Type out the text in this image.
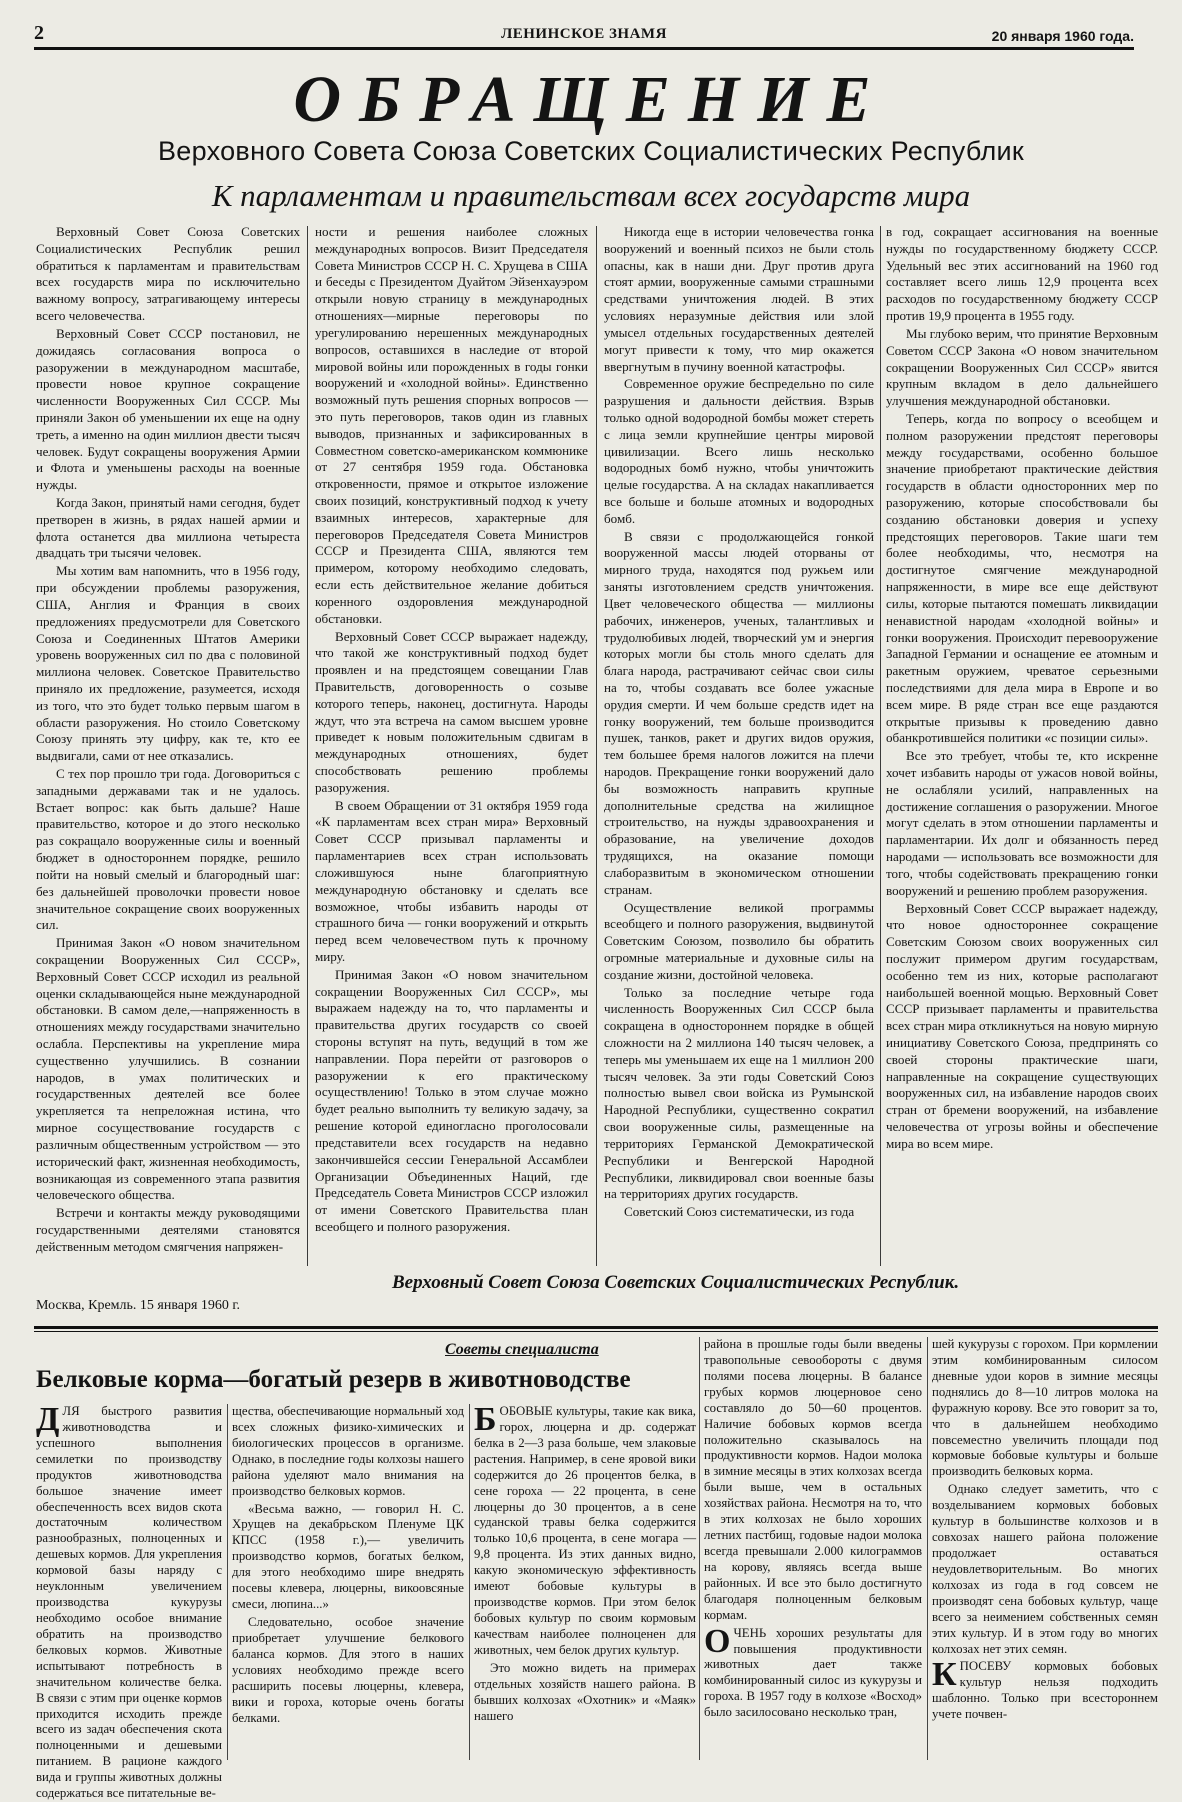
2	ЛЕНИНСКОЕ ЗНАМЯ	20 января 1960 года.
ОБРАЩЕНИЕ
Верховного Совета Союза Советских Социалистических Республик
К парламентам и правительствам всех государств мира

Верховный Совет Союза Советских Социалистических Республик решил обратиться к парламентам и правительствам всех государств мира по исключительно важному вопросу, затрагивающему интересы всего человечества.

Верховный Совет СССР постановил, не дожидаясь согласования вопроса о разоружении в международном масштабе, провести новое крупное сокращение численности Вооруженных Сил СССР. Мы приняли Закон об уменьшении их еще на одну треть, а именно на один миллион двести тысяч человек. Будут сокращены вооружения Армии и Флота и уменьшены расходы на военные нужды.

Когда Закон, принятый нами сегодня, будет претворен в жизнь, в рядах нашей армии и флота останется два миллиона четыреста двадцать три тысячи человек.

Мы хотим вам напомнить, что в 1956 году, при обсуждении проблемы разоружения, США, Англия и Франция в своих предложениях предусмотрели для Советского Союза и Соединенных Штатов Америки уровень вооруженных сил по два с половиной миллиона человек. Советское Правительство приняло их предложение, разумеется, исходя из того, что это будет только первым шагом в области разоружения. Но стоило Советскому Союзу принять эту цифру, как те, кто ее выдвигали, сами от нее отказались.

С тех пор прошло три года. Договориться с западными державами так и не удалось. Встает вопрос: как быть дальше? Наше правительство, которое и до этого несколько раз сокращало вооруженные силы и военный бюджет в одностороннем порядке, решило пойти на новый смелый и благородный шаг: без дальнейшей проволочки провести новое значительное сокращение своих вооруженных сил.

Принимая Закон «О новом значительном сокращении Вооруженных Сил СССР», Верховный Совет СССР исходил из реальной оценки складывающейся ныне международной обстановки. В самом деле,—напряженность в отношениях между государствами значительно ослабла. Перспективы на укрепление мира существенно улучшились. В сознании народов, в умах политических и государственных деятелей все более укрепляется та непреложная истина, что мирное сосуществование государств с различным общественным устройством — это исторический факт, жизненная необходимость, возникающая из современного этапа развития человеческого общества.

Встречи и контакты между руководящими государственными деятелями становятся действенным методом смягчения напряжен-

ности и решения наиболее сложных международных вопросов. Визит Председателя Совета Министров СССР Н. С. Хрущева в США и беседы с Президентом Дуайтом Эйзенхауэром открыли новую страницу в международных отношениях—мирные переговоры по урегулированию нерешенных международных вопросов, оставшихся в наследие от второй мировой войны или порожденных в годы гонки вооружений и «холодной войны». Единственно возможный путь решения спорных вопросов — это путь переговоров, таков один из главных выводов, признанных и зафиксированных в Совместном советско-американском коммюнике от 27 сентября 1959 года. Обстановка откровенности, прямое и открытое изложение своих позиций, конструктивный подход к учету взаимных интересов, характерные для переговоров Председателя Совета Министров СССР и Президента США, являются тем примером, которому необходимо следовать, если есть действительное желание добиться коренного оздоровления международной обстановки.

Верховный Совет СССР выражает надежду, что такой же конструктивный подход будет проявлен и на предстоящем совещании Глав Правительств, договоренность о созыве которого теперь, наконец, достигнута. Народы ждут, что эта встреча на самом высшем уровне приведет к новым положительным сдвигам в международных отношениях, будет способствовать решению проблемы разоружения.

В своем Обращении от 31 октября 1959 года «К парламентам всех стран мира» Верховный Совет СССР призывал парламенты и парламентариев всех стран использовать сложившуюся ныне благоприятную международную обстановку и сделать все возможное, чтобы избавить народы от страшного бича — гонки вооружений и открыть перед всем человечеством путь к прочному миру.

Принимая Закон «О новом значительном сокращении Вооруженных Сил СССР», мы выражаем надежду на то, что парламенты и правительства других государств со своей стороны вступят на путь, ведущий в том же направлении. Пора перейти от разговоров о разоружении к его практическому осуществлению! Только в этом случае можно будет реально выполнить ту великую задачу, за решение которой единогласно проголосовали представители всех государств на недавно закончившейся сессии Генеральной Ассамблеи Организации Объединенных Наций, где Председатель Совета Министров СССР изложил от имени Советского Правительства план всеобщего и полного разоружения.

Никогда еще в истории человечества гонка вооружений и военный психоз не были столь опасны, как в наши дни. Друг против друга стоят армии, вооруженные самыми страшными средствами уничтожения людей. В этих условиях неразумные действия или злой умысел отдельных государственных деятелей могут привести к тому, что мир окажется ввергнутым в пучину военной катастрофы.

Современное оружие беспредельно по силе разрушения и дальности действия. Взрыв только одной водородной бомбы может стереть с лица земли крупнейшие центры мировой цивилизации. Всего лишь несколько водородных бомб нужно, чтобы уничтожить целые государства. А на складах накапливается все больше и больше атомных и водородных бомб.

В связи с продолжающейся гонкой вооруженной массы людей оторваны от мирного труда, находятся под ружьем или заняты изготовлением средств уничтожения. Цвет человеческого общества — миллионы рабочих, инженеров, ученых, талантливых и трудолюбивых людей, творческий ум и энергия которых могли бы столь много сделать для блага народа, растрачивают сейчас свои силы на то, чтобы создавать все более ужасные орудия смерти. И чем больше средств идет на гонку вооружений, тем больше производится пушек, танков, ракет и других видов оружия, тем большее бремя налогов ложится на плечи народов. Прекращение гонки вооружений дало бы возможность направить крупные дополнительные средства на жилищное строительство, на нужды здравоохранения и образование, на увеличение доходов трудящихся, на оказание помощи слаборазвитым в экономическом отношении странам.

Осуществление великой программы всеобщего и полного разоружения, выдвинутой Советским Союзом, позволило бы обратить огромные материальные и духовные силы на создание жизни, достойной человека.

Только за последние четыре года численность Вооруженных Сил СССР была сокращена в одностороннем порядке в общей сложности на 2 миллиона 140 тысяч человек, а теперь мы уменьшаем их еще на 1 миллион 200 тысяч человек. За эти годы Советский Союз полностью вывел свои войска из Румынской Народной Республики, существенно сократил свои вооруженные силы, размещенные на территориях Германской Демократической Республики и Венгерской Народной Республики, ликвидировал свои военные базы на территориях других государств.

Советский Союз систематически, из года

в год, сокращает ассигнования на военные нужды по государственному бюджету СССР. Удельный вес этих ассигнований на 1960 год составляет всего лишь 12,9 процента всех расходов по государственному бюджету СССР против 19,9 процента в 1955 году.

Мы глубоко верим, что принятие Верховным Советом СССР Закона «О новом значительном сокращении Вооруженных Сил СССР» явится крупным вкладом в дело дальнейшего улучшения международной обстановки.

Теперь, когда по вопросу о всеобщем и полном разоружении предстоят переговоры между государствами, особенно большое значение приобретают практические действия государств в области односторонних мер по разоружению, которые способствовали бы созданию обстановки доверия и успеху предстоящих переговоров. Такие шаги тем более необходимы, что, несмотря на достигнутое смягчение международной напряженности, в мире все еще действуют силы, которые пытаются помешать ликвидации ненавистной народам «холодной войны» и гонки вооружения. Происходит перевооружение Западной Германии и оснащение ее атомным и ракетным оружием, чреватое серьезными последствиями для дела мира в Европе и во всем мире. В ряде стран все еще раздаются открытые призывы к проведению давно обанкротившейся политики «с позиции силы».

Все это требует, чтобы те, кто искренне хочет избавить народы от ужасов новой войны, не ослабляли усилий, направленных на достижение соглашения о разоружении. Многое могут сделать в этом отношении парламенты и парламентарии. Их долг и обязанность перед народами — использовать все возможности для того, чтобы содействовать прекращению гонки вооружений и решению проблем разоружения.

Верховный Совет СССР выражает надежду, что новое одностороннее сокращение Советским Союзом своих вооруженных сил послужит примером другим государствам, особенно тем из них, которые располагают наибольшей военной мощью. Верховный Совет СССР призывает парламенты и правительства всех стран мира откликнуться на новую мирную инициативу Советского Союза, предпринять со своей стороны практические шаги, направленные на сокращение существующих вооруженных сил, на избавление народов своих стран от бремени вооружений, на избавление человечества от угрозы войны и обеспечение мира во всем мире.

Верховный Совет Союза Советских Социалистических Республик.
Москва, Кремль. 15 января 1960 г.
Советы специалиста
Белковые корма—богатый резерв в животноводстве
Д ЛЯ быстрого развития животноводства и успешного выполнения семилетки по производству продуктов животноводства большое значение имеет обеспеченность всех видов скота достаточным количеством разнообразных, полноценных и дешевых кормов. Для укрепления кормовой базы наряду с неуклонным увеличением производства кукурузы необходимо особое внимание обратить на производство белковых кормов. Животные испытывают потребность в значительном количестве белка. В связи с этим при оценке кормов приходится исходить прежде всего из задач обеспечения скота полноценными и дешевыми питанием. В рационе каждого вида и группы животных должны содержаться все питательные ве-

щества, обеспечивающие нормальный ход всех сложных физико-химических и биологических процессов в организме. Однако, в последние годы колхозы нашего района уделяют мало внимания на производство белковых кормов.

«Весьма важно, — говорил Н. С. Хрущев на декабрьском Пленуме ЦК КПСС (1958 г.),— увеличить производство кормов, богатых белком, для этого необходимо шире внедрять посевы клевера, люцерны, викоовсяные смеси, люпина...»

Следовательно, особое значение приобретает улучшение белкового баланса кормов. Для этого в наших условиях необходимо прежде всего расширить посевы люцерны, клевера, вики и гороха, которые очень богаты белками.

Б ОБОВЫЕ культуры, такие как вика, горох, люцерна и др. содержат белка в 2—3 раза больше, чем злаковые растения. Например, в сене яровой вики содержится до 26 процентов белка, в сене гороха — 22 процента, в сене люцерны до 30 процентов, а в сене суданской травы белка содержится только 10,6 процента, в сене могара — 9,8 процента. Из этих данных видно, какую экономическую эффективность имеют бобовые культуры в производстве кормов. При этом белок бобовых культур по своим кормовым качествам наиболее полноценен для животных, чем белок других культур.

Это можно видеть на примерах отдельных хозяйств нашего района. В бывших колхозах «Охотник» и «Маяк» нашего

района в прошлые годы были введены травопольные севообороты с двумя полями посева люцерны. В балансе грубых кормов люцерновое сено составляло до 50—60 процентов. Наличие бобовых кормов всегда положительно сказывалось на продуктивности кормов. Надои молока в зимние месяцы в этих колхозах всегда были выше, чем в остальных хозяйствах района. Несмотря на то, что в этих колхозах не было хороших летних пастбищ, годовые надои молока всегда превышали 2.000 килограммов на корову, являясь всегда выше районных. И все это было достигнуто благодаря полноценным белковым кормам.

О ЧЕНЬ хороших результаты для повышения продуктивности животных дает также комбинированный силос из кукурузы и гороха. В 1957 году в колхозе «Восход» было засилосовано несколько тран,

шей кукурузы с горохом. При кормлении этим комбинированным силосом дневные удои коров в зимние месяцы поднялись до 8—10 литров молока на фуражную корову. Все это говорит за то, что в дальнейшем необходимо повсеместно увеличить площади под кормовые бобовые культуры и больше производить белковых корма.

Однако следует заметить, что с возделыванием кормовых бобовых культур в большинстве колхозов и в совхозах нашего района положение продолжает оставаться неудовлетворительным. Во многих колхозах из года в год совсем не производят сена бобовых культур, чаще всего за неимением собственных семян этих культур. И в этом году во многих колхозах нет этих семян.

К ПОСЕВУ кормовых бобовых культур нельзя подходить шаблонно. Только при всестороннем учете почвен-
